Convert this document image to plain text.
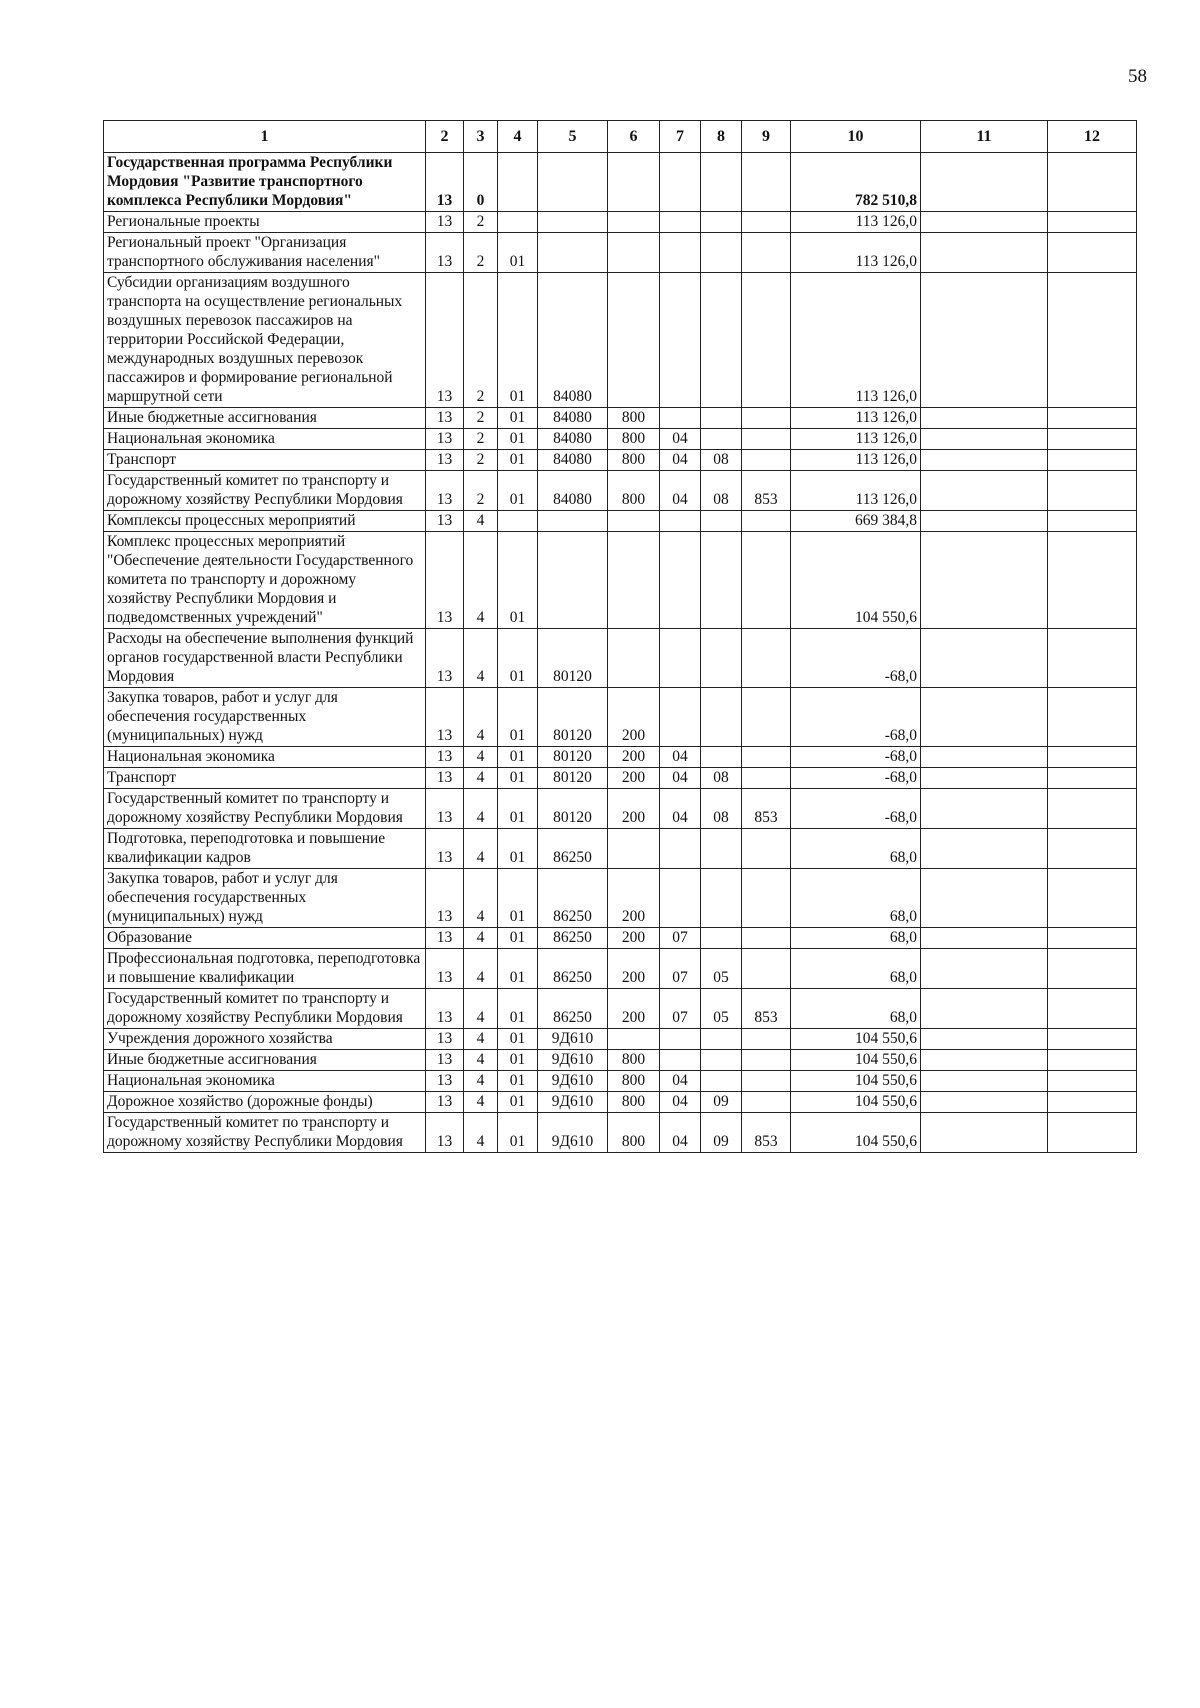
58
1	2	3	4	5	6	7	8	9	10	11	12
Государственная программа Республики Мордовия "Развитие транспортного комплекса Республики Мордовия"	13	0							782 510,8		
Региональные проекты	13	2							113 126,0		
Региональный проект "Организация транспортного обслуживания населения"	13	2	01						113 126,0		
Субсидии организациям воздушного транспорта на осуществление региональных воздушных перевозок пассажиров на территории Российской Федерации, международных воздушных перевозок пассажиров и формирование региональной маршрутной сети	13	2	01	84080					113 126,0		
Иные бюджетные ассигнования	13	2	01	84080	800				113 126,0		
Национальная экономика	13	2	01	84080	800	04			113 126,0		
Транспорт	13	2	01	84080	800	04	08		113 126,0		
Государственный комитет по транспорту и дорожному хозяйству Республики Мордовия	13	2	01	84080	800	04	08	853	113 126,0		
Комплексы процессных мероприятий	13	4							669 384,8		
Комплекс процессных мероприятий "Обеспечение деятельности Государственного комитета по транспорту и дорожному хозяйству Республики Мордовия и подведомственных учреждений"	13	4	01						104 550,6		
Расходы на обеспечение выполнения функций органов государственной власти Республики Мордовия	13	4	01	80120					-68,0		
Закупка товаров, работ и услуг для обеспечения государственных (муниципальных) нужд	13	4	01	80120	200				-68,0		
Национальная экономика	13	4	01	80120	200	04			-68,0		
Транспорт	13	4	01	80120	200	04	08		-68,0		
Государственный комитет по транспорту и дорожному хозяйству Республики Мордовия	13	4	01	80120	200	04	08	853	-68,0		
Подготовка, переподготовка и повышение квалификации кадров	13	4	01	86250					68,0		
Закупка товаров, работ и услуг для обеспечения государственных (муниципальных) нужд	13	4	01	86250	200				68,0		
Образование	13	4	01	86250	200	07			68,0		
Профессиональная подготовка, переподготовка и повышение квалификации	13	4	01	86250	200	07	05		68,0		
Государственный комитет по транспорту и дорожному хозяйству Республики Мордовия	13	4	01	86250	200	07	05	853	68,0		
Учреждения дорожного хозяйства	13	4	01	9Д610					104 550,6		
Иные бюджетные ассигнования	13	4	01	9Д610	800				104 550,6		
Национальная экономика	13	4	01	9Д610	800	04			104 550,6		
Дорожное хозяйство (дорожные фонды)	13	4	01	9Д610	800	04	09		104 550,6		
Государственный комитет по транспорту и дорожному хозяйству Республики Мордовия	13	4	01	9Д610	800	04	09	853	104 550,6		
